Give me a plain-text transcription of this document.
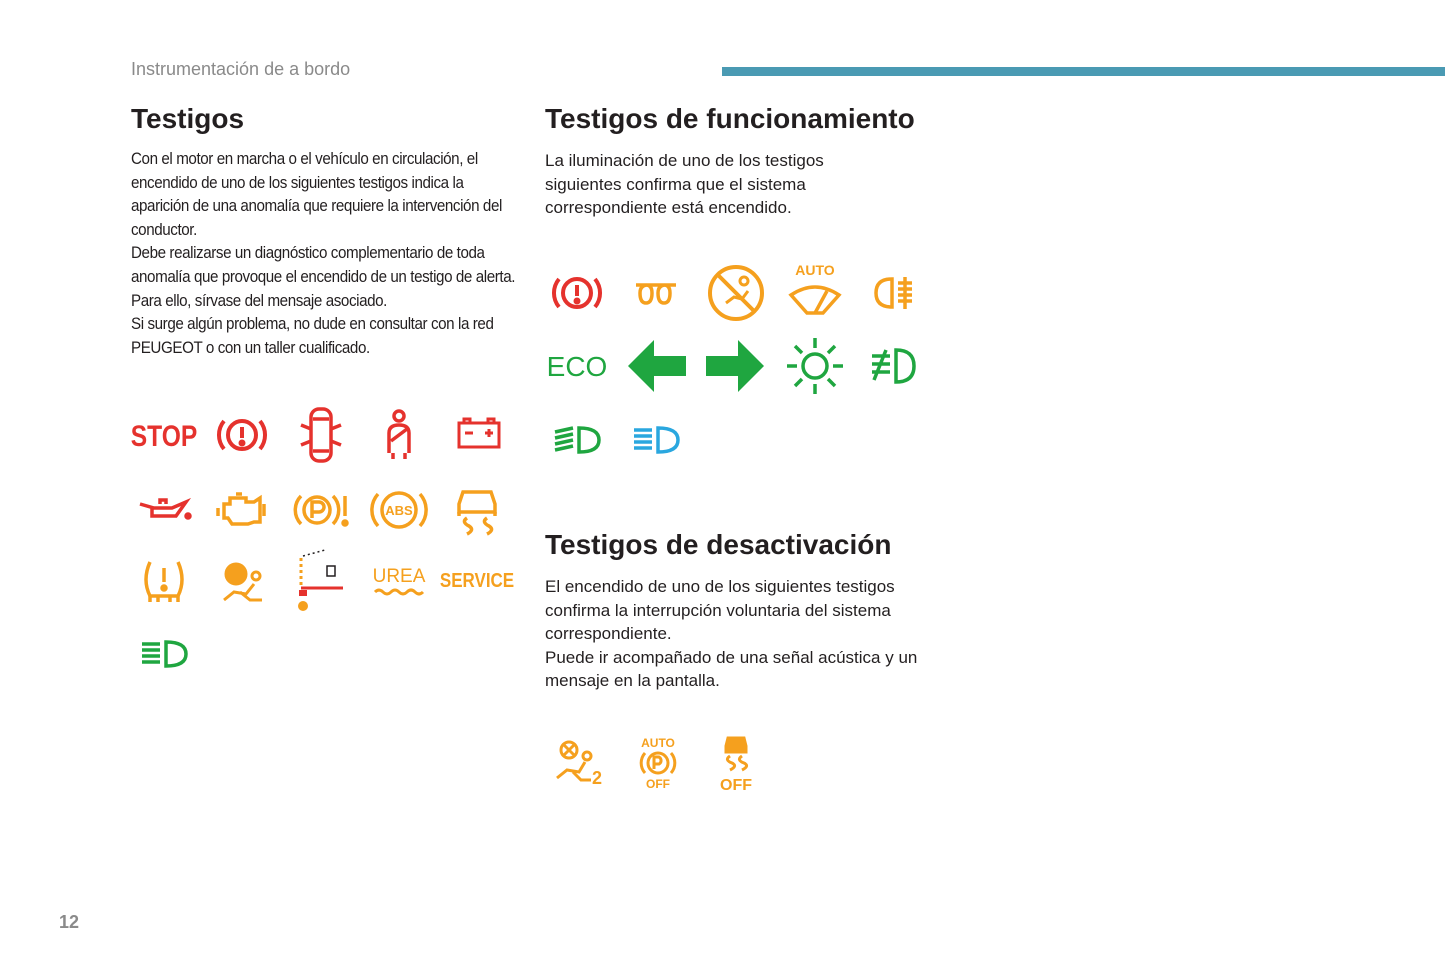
Instrumentación de a bordo
Testigos

Con el motor en marcha o el vehículo en circulación, el encendido de uno de los siguientes testigos indica la aparición de una anomalía que requiere la intervención del conductor.

Debe realizarse un diagnóstico complementario de toda anomalía que provoque el encendido de un testigo de alerta. Para ello, sírvase del mensaje asociado.

Si surge algún problema, no dude en consultar con la red PEUGEOT o con un taller cualificado.

STOP
ABS
UREA SERVICE
Testigos de funcionamiento

La iluminación de uno de los testigos siguientes confirma que el sistema correspondiente está encendido.

AUTO
ECO
Testigos de desactivación

El encendido de uno de los siguientes testigos confirma la interrupción voluntaria del sistema correspondiente.

Puede ir acompañado de una señal acústica y un mensaje en la pantalla.

2
AUTO
OFF	OFF
12
